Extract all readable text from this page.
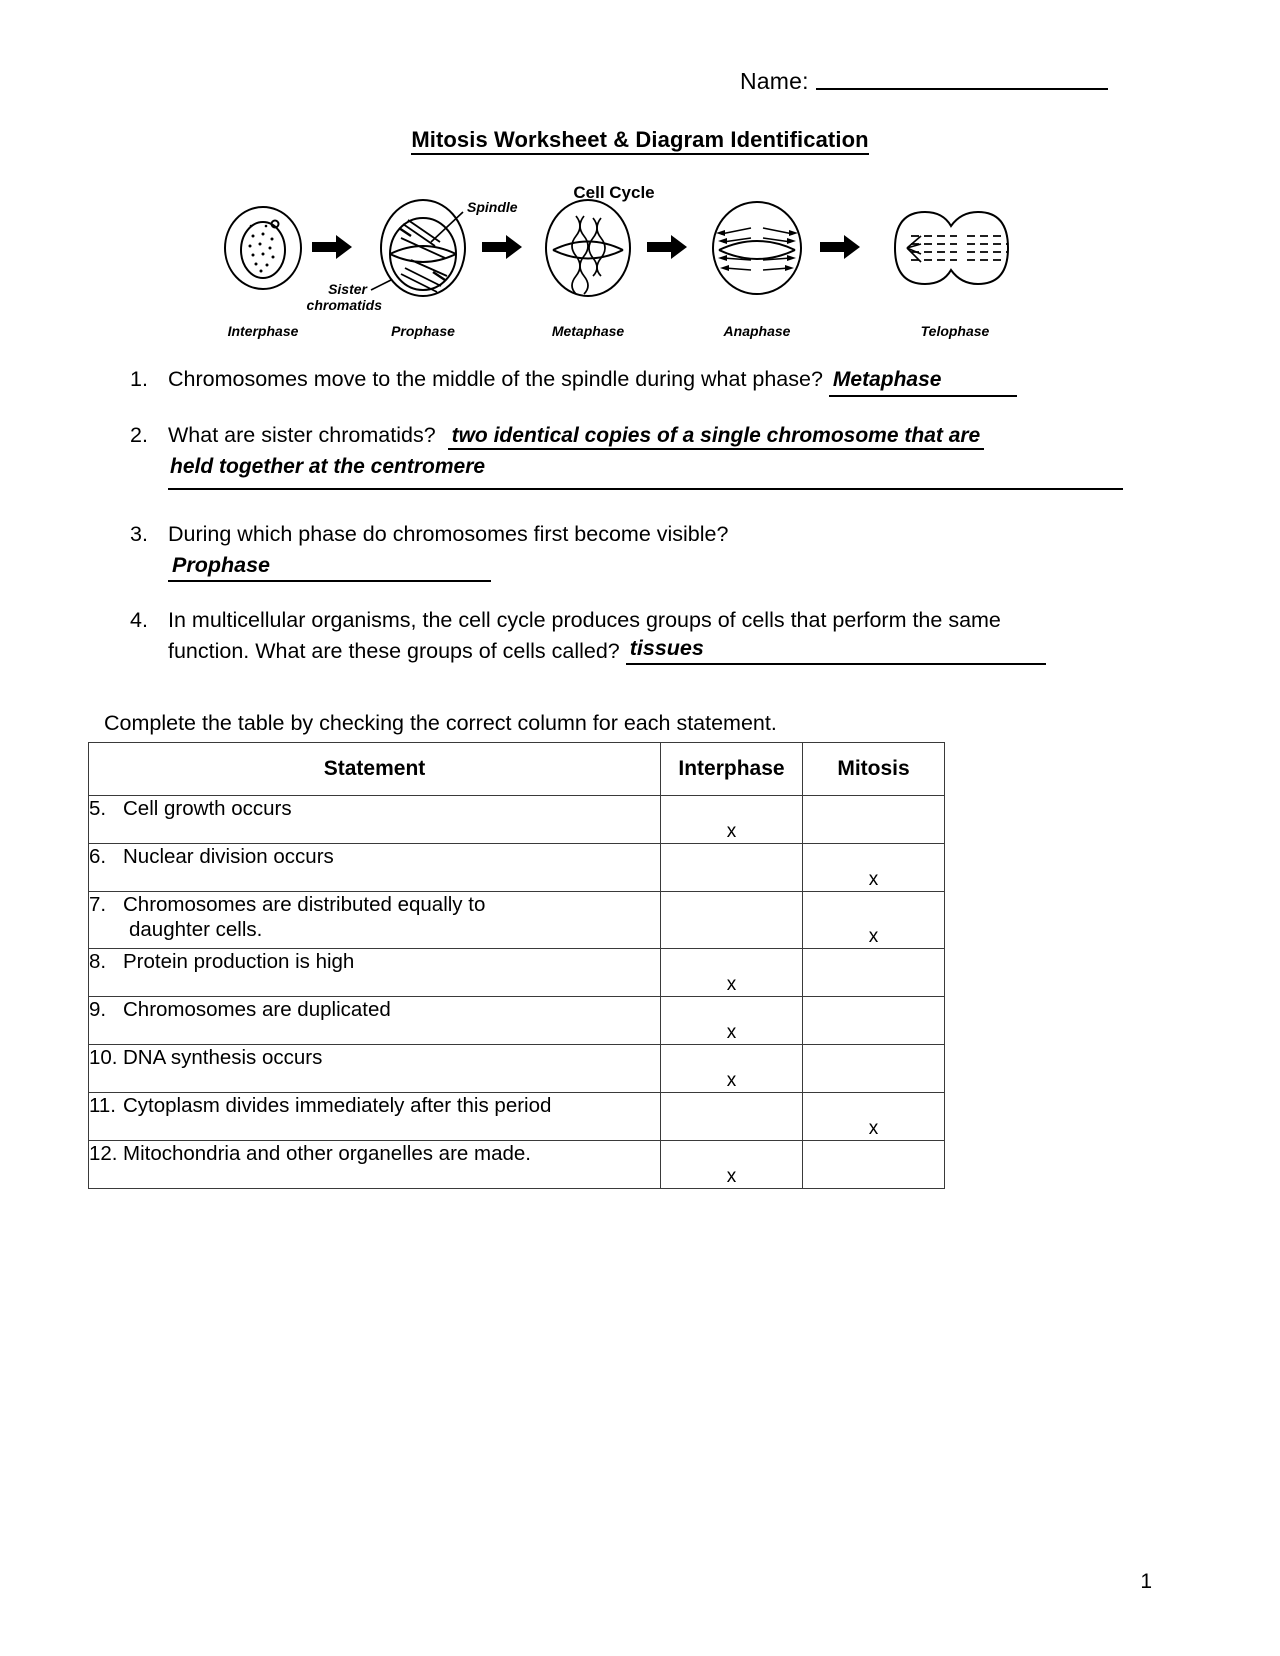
Name:
Mitosis Worksheet & Diagram Identification
Cell Cycle
Spindle
Sister
chromatids
Interphase	Prophase	Metaphase	Anaphase	Telophase
1. Chromosomes move to the middle of the spindle during what phase? Metaphase
2. What are sister chromatids? two identical copies of a single chromosome that are
held together at the centromere
3. During which phase do chromosomes first become visible?
Prophase
4. In multicellular organisms, the cell cycle produces groups of cells that perform the same
function. What are these groups of cells called?
tissues
Complete the table by checking the correct column for each statement.
Statement	Interphase	Mitosis
5. Cell growth occurs	x	
6. Nuclear division occurs		x
7. Chromosomes are distributed equally to
daughter cells.		x
8. Protein production is high	x	
9. Chromosomes are duplicated	x	
10. DNA synthesis occurs	x	
11. Cytoplasm divides immediately after this period		x
12. Mitochondria and other organelles are made.	x	
1
